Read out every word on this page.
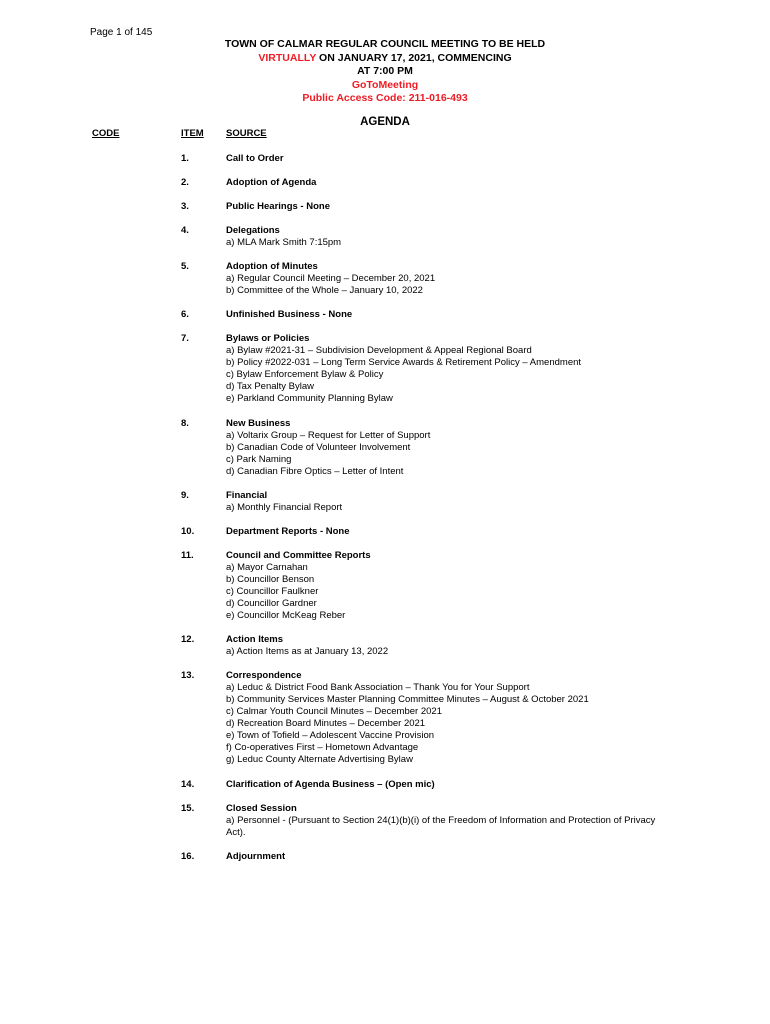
Page 1 of 145
TOWN OF CALMAR REGULAR COUNCIL MEETING TO BE HELD
VIRTUALLY ON JANUARY 17, 2021, COMMENCING
AT 7:00 PM
GoToMeeting
Public Access Code: 211-016-493
AGENDA
CODE	ITEM SOURCE
1.	Call to Order
2.	Adoption of Agenda
3.	Public Hearings - None
4.	Delegations
a) MLA Mark Smith 7:15pm
5.	Adoption of Minutes
a) Regular Council Meeting – December 20, 2021
b) Committee of the Whole – January 10, 2022
6.	Unfinished Business - None
7.	Bylaws or Policies
a) Bylaw #2021-31 – Subdivision Development & Appeal Regional Board
b) Policy #2022-031 – Long Term Service Awards & Retirement Policy – Amendment
c) Bylaw Enforcement Bylaw & Policy
d) Tax Penalty Bylaw
e) Parkland Community Planning Bylaw
8.	New Business
a) Voltarix Group – Request for Letter of Support
b) Canadian Code of Volunteer Involvement
c) Park Naming
d) Canadian Fibre Optics – Letter of Intent
9.	Financial
a) Monthly Financial Report
10.	Department Reports - None
11.	Council and Committee Reports
a) Mayor Carnahan
b) Councillor Benson
c) Councillor Faulkner
d) Councillor Gardner
e) Councillor McKeag Reber
12.	Action Items
a) Action Items as at January 13, 2022
13.	Correspondence
a) Leduc & District Food Bank Association – Thank You for Your Support
b) Community Services Master Planning Committee Minutes – August & October 2021
c) Calmar Youth Council Minutes – December 2021
d) Recreation Board Minutes – December 2021
e) Town of Tofield – Adolescent Vaccine Provision
f) Co-operatives First – Hometown Advantage
g) Leduc County Alternate Advertising Bylaw
14.	Clarification of Agenda Business – (Open mic)
15.	Closed Session
a) Personnel - (Pursuant to Section 24(1)(b)(i) of the Freedom of Information and Protection of Privacy Act).
16.	Adjournment
